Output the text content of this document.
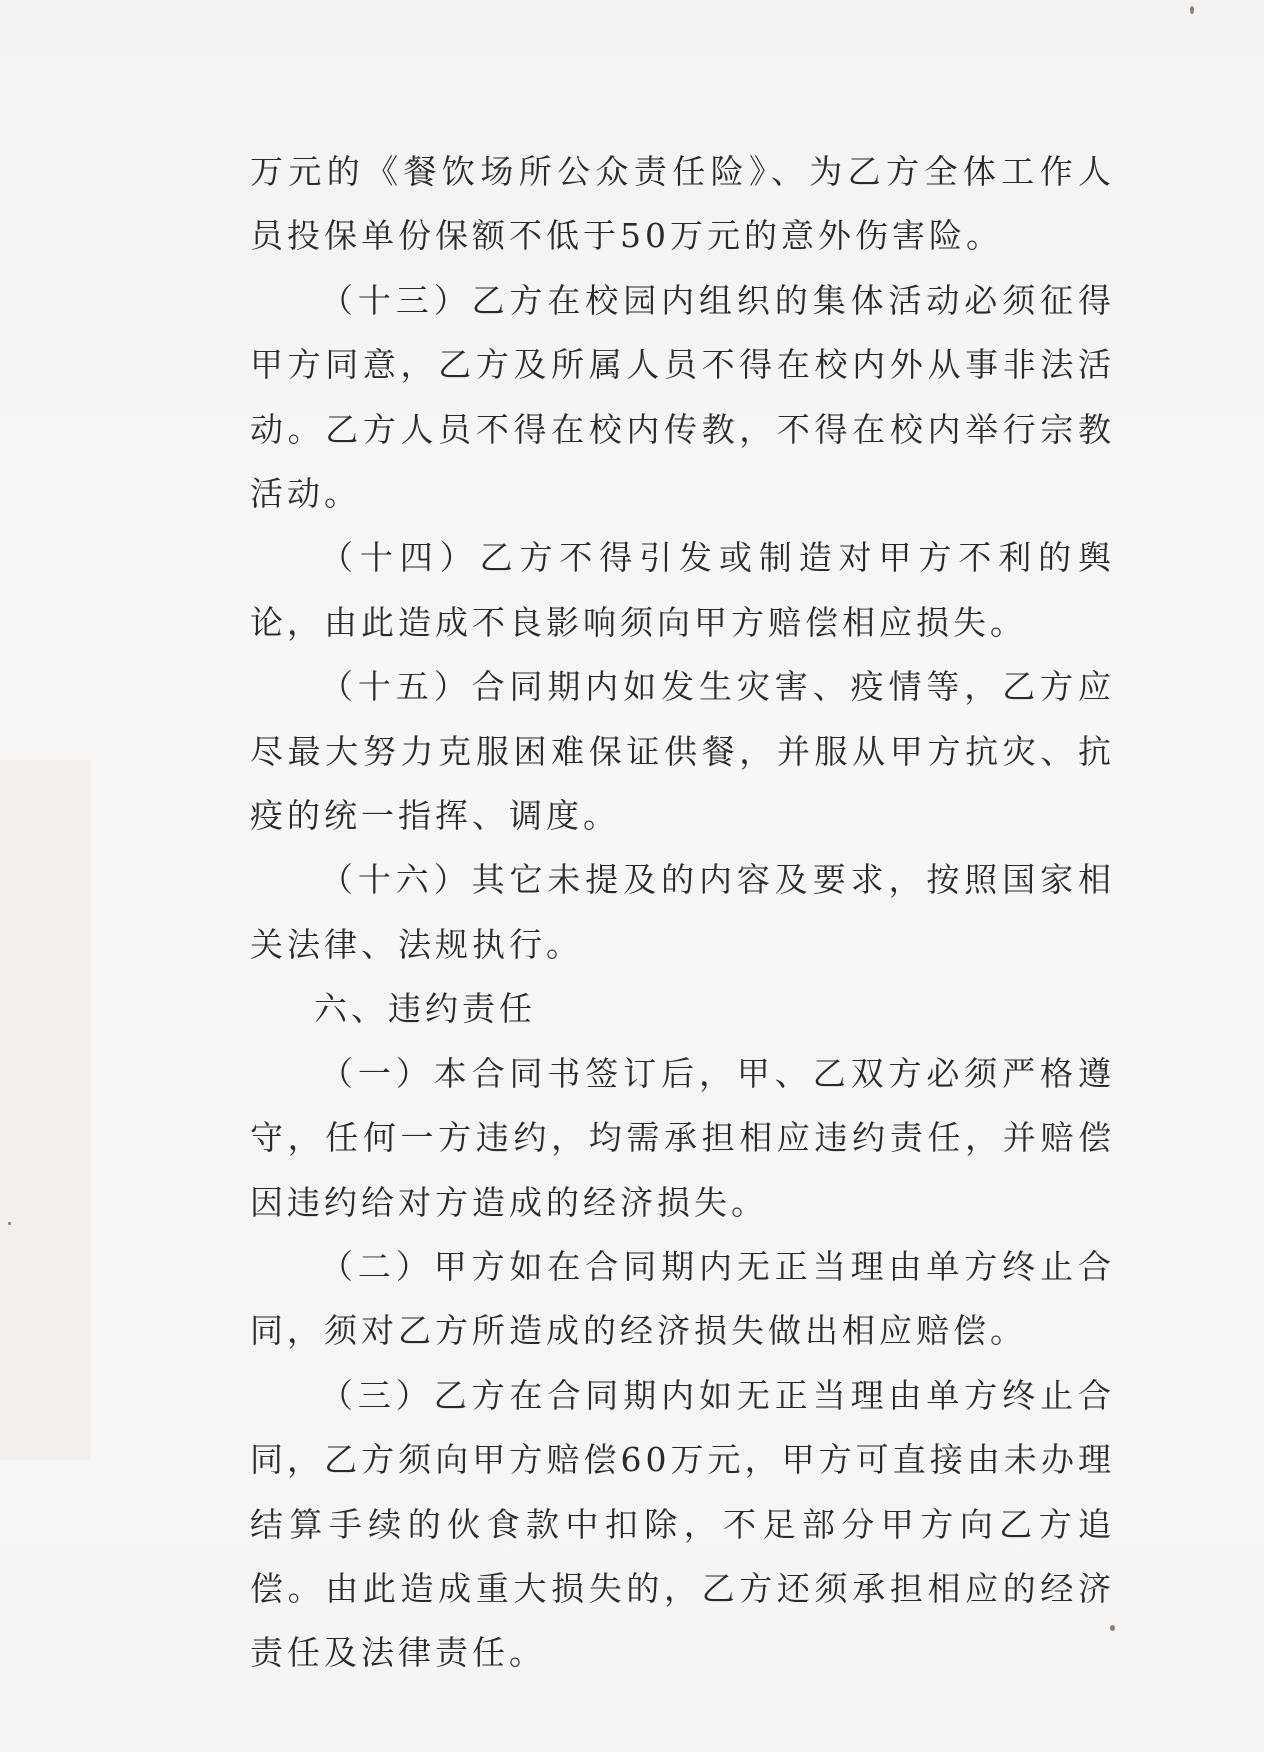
万元的《餐饮场所公众责任险》、为乙方全体工作人员投保单份保额不低于50万元的意外伤害险。

（十三）乙方在校园内组织的集体活动必须征得甲方同意，乙方及所属人员不得在校内外从事非法活动。乙方人员不得在校内传教，不得在校内举行宗教活动。

（十四）乙方不得引发或制造对甲方不利的舆论，由此造成不良影响须向甲方赔偿相应损失。

（十五）合同期内如发生灾害、疫情等，乙方应尽最大努力克服困难保证供餐，并服从甲方抗灾、抗疫的统一指挥、调度。

（十六）其它未提及的内容及要求，按照国家相关法律、法规执行。

六、违约责任

（一）本合同书签订后，甲、乙双方必须严格遵守，任何一方违约，均需承担相应违约责任，并赔偿因违约给对方造成的经济损失。

（二）甲方如在合同期内无正当理由单方终止合同，须对乙方所造成的经济损失做出相应赔偿。

（三）乙方在合同期内如无正当理由单方终止合同，乙方须向甲方赔偿60万元，甲方可直接由未办理结算手续的伙食款中扣除，不足部分甲方向乙方追偿。由此造成重大损失的，乙方还须承担相应的经济责任及法律责任。
